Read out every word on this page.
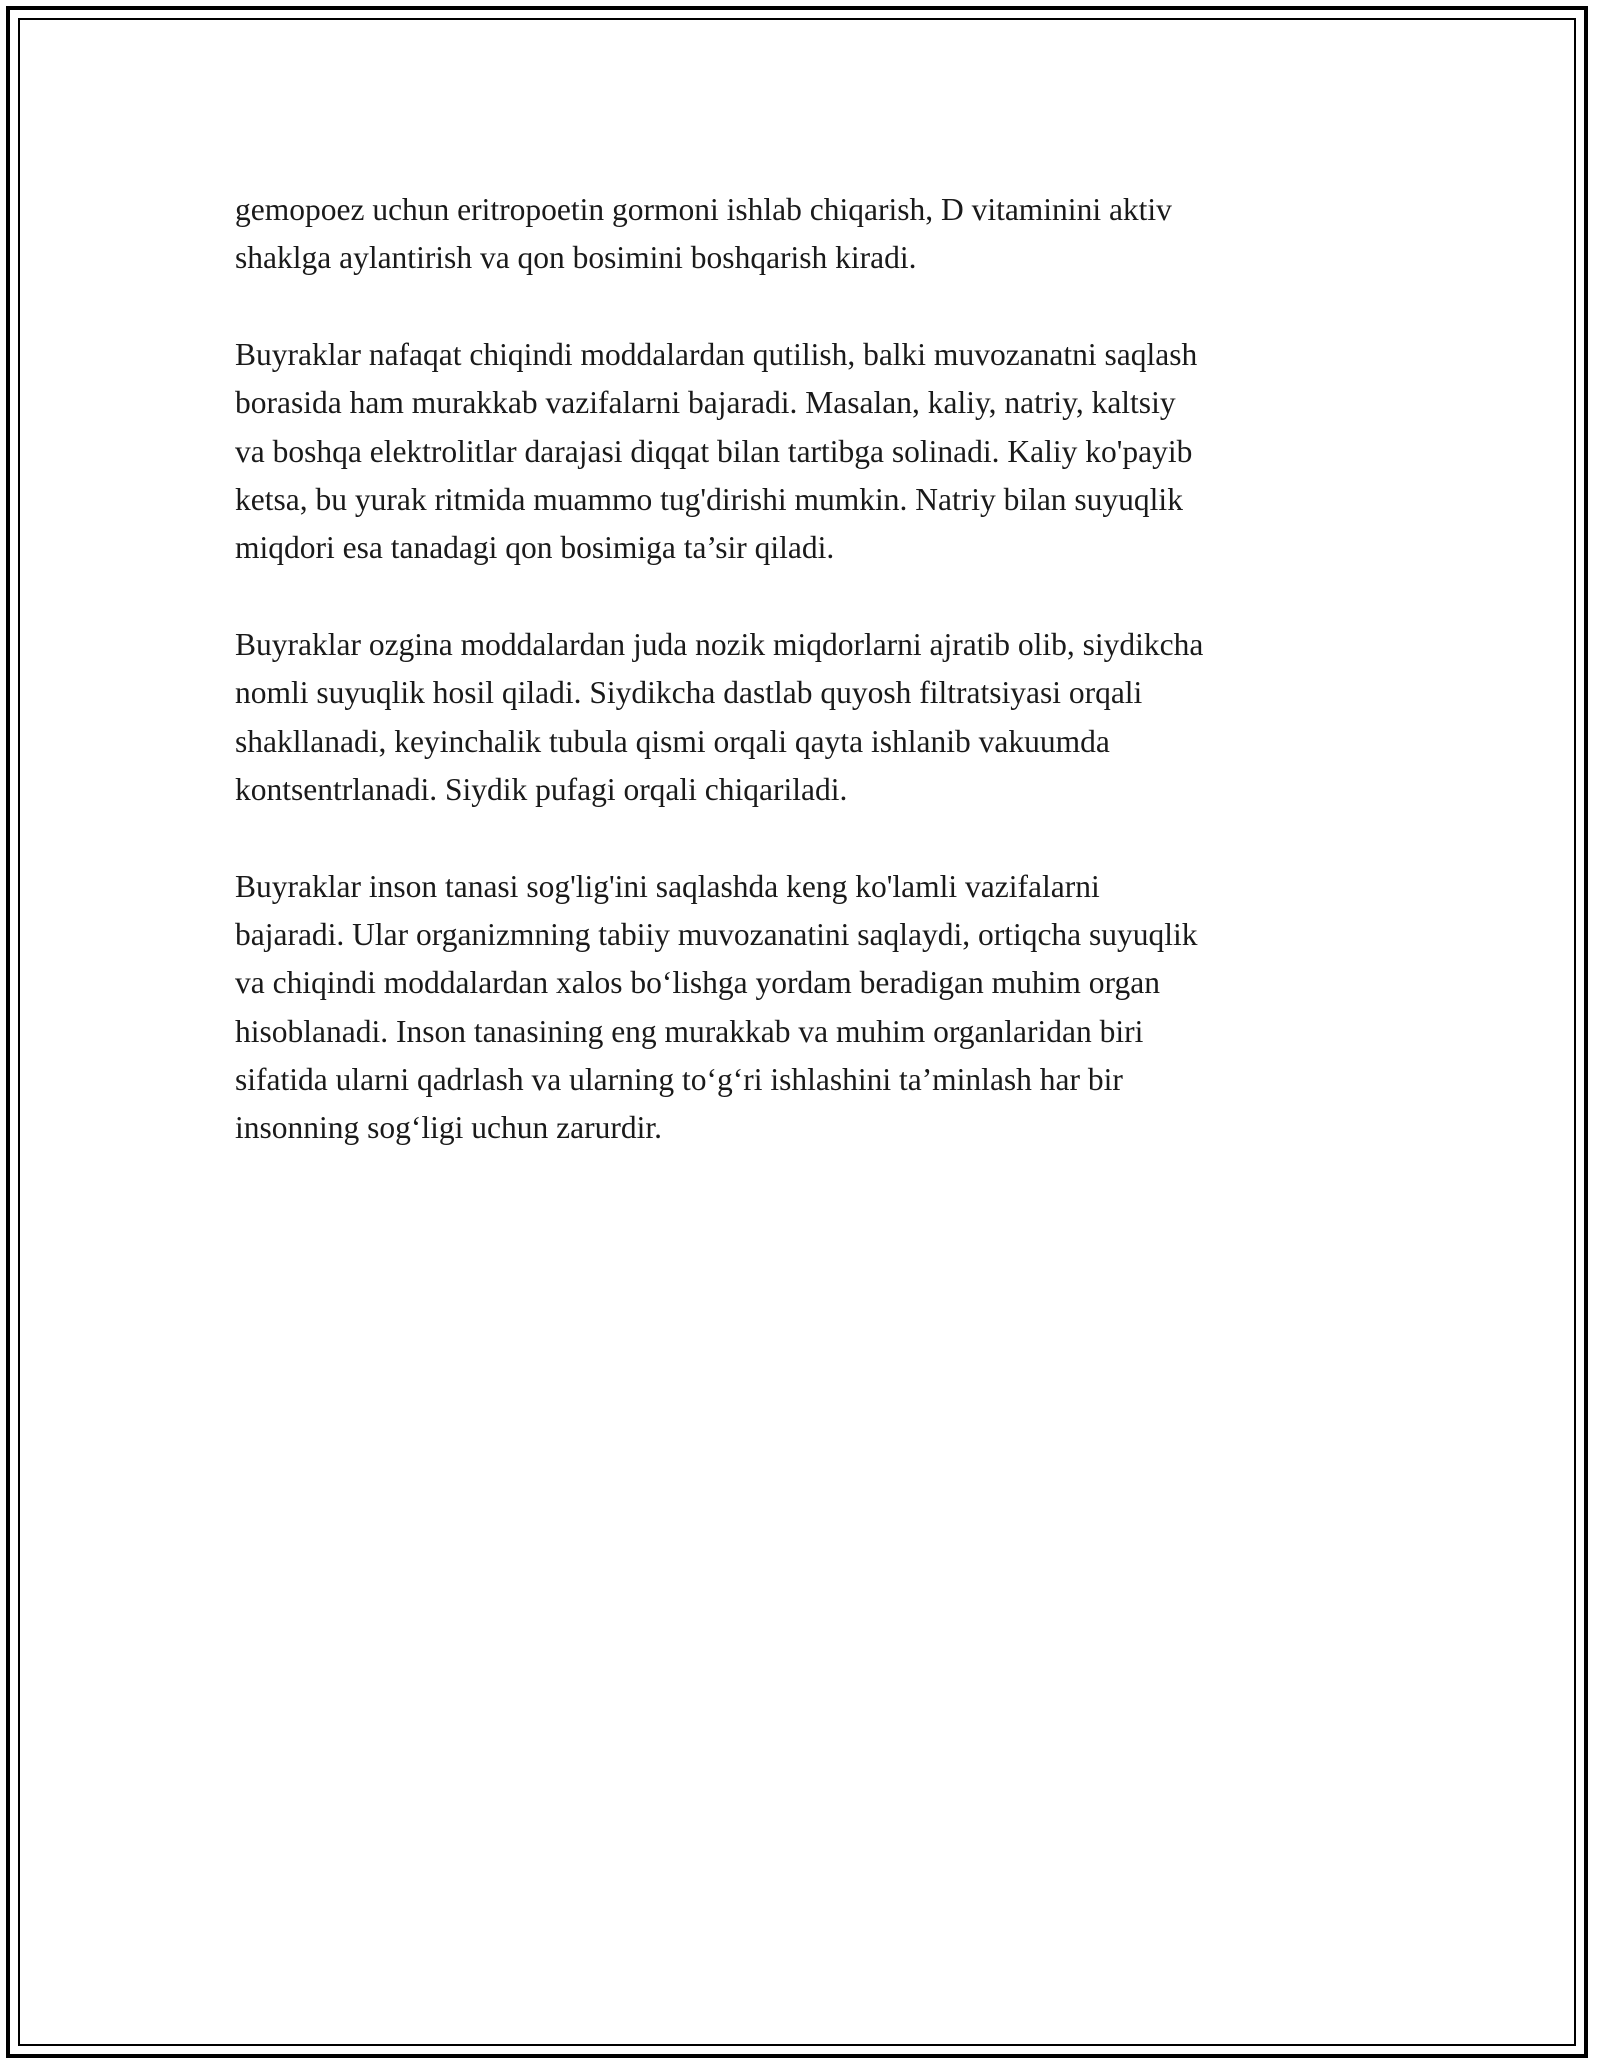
gemopoez uchun eritropoetin gormoni ishlab chiqarish, D vitaminini aktiv
shaklga aylantirish va qon bosimini boshqarish kiradi.

Buyraklar nafaqat chiqindi moddalardan qutilish, balki muvozanatni saqlash
borasida ham murakkab vazifalarni bajaradi. Masalan, kaliy, natriy, kaltsiy
va boshqa elektrolitlar darajasi diqqat bilan tartibga solinadi. Kaliy ko'payib
ketsa, bu yurak ritmida muammo tug'dirishi mumkin. Natriy bilan suyuqlik
miqdori esa tanadagi qon bosimiga ta’sir qiladi.

Buyraklar ozgina moddalardan juda nozik miqdorlarni ajratib olib, siydikcha
nomli suyuqlik hosil qiladi. Siydikcha dastlab quyosh filtratsiyasi orqali
shakllanadi, keyinchalik tubula qismi orqali qayta ishlanib vakuumda
kontsentrlanadi. Siydik pufagi orqali chiqariladi.

Buyraklar inson tanasi sog'lig'ini saqlashda keng ko'lamli vazifalarni
bajaradi. Ular organizmning tabiiy muvozanatini saqlaydi, ortiqcha suyuqlik
va chiqindi moddalardan xalos bo‘lishga yordam beradigan muhim organ
hisoblanadi. Inson tanasining eng murakkab va muhim organlaridan biri
sifatida ularni qadrlash va ularning to‘g‘ri ishlashini ta’minlash har bir
insonning sog‘ligi uchun zarurdir.
